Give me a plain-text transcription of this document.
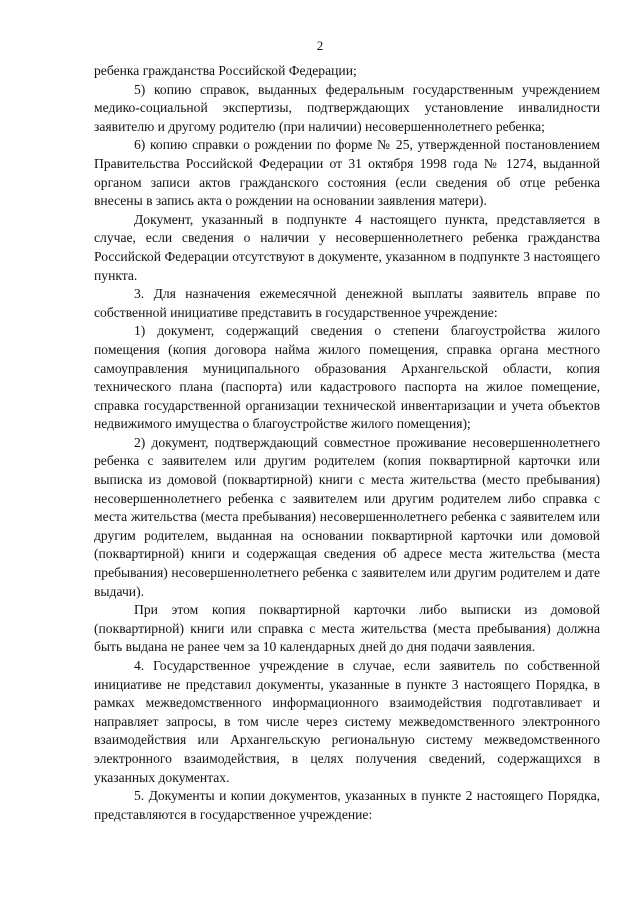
2

ребенка гражданства Российской Федерации;

5) копию справок, выданных федеральным государственным учреждением медико-социальной экспертизы, подтверждающих установление инвалидности заявителю и другому родителю (при наличии) несовершеннолетнего ребенка;

6) копию справки о рождении по форме № 25, утвержденной постановлением Правительства Российской Федерации от 31 октября 1998 года № 1274, выданной органом записи актов гражданского состояния (если сведения об отце ребенка внесены в запись акта о рождении на основании заявления матери).

Документ, указанный в подпункте 4 настоящего пункта, представляется в случае, если сведения о наличии у несовершеннолетнего ребенка гражданства Российской Федерации отсутствуют в документе, указанном в подпункте 3 настоящего пункта.

3. Для назначения ежемесячной денежной выплаты заявитель вправе по собственной инициативе представить в государственное учреждение:

1) документ, содержащий сведения о степени благоустройства жилого помещения (копия договора найма жилого помещения, справка органа местного самоуправления муниципального образования Архангельской области, копия технического плана (паспорта) или кадастрового паспорта на жилое помещение, справка государственной организации технической инвентаризации и учета объектов недвижимого имущества о благоустройстве жилого помещения);

2) документ, подтверждающий совместное проживание несовершеннолетнего ребенка с заявителем или другим родителем (копия поквартирной карточки или выписка из домовой (поквартирной) книги с места жительства (место пребывания) несовершеннолетнего ребенка с заявителем или другим родителем либо справка с места жительства (места пребывания) несовершеннолетнего ребенка с заявителем или другим родителем, выданная на основании поквартирной карточки или домовой (поквартирной) книги и содержащая сведения об адресе места жительства (места пребывания) несовершеннолетнего ребенка с заявителем или другим родителем и дате выдачи).

При этом копия поквартирной карточки либо выписки из домовой (поквартирной) книги или справка с места жительства (места пребывания) должна быть выдана не ранее чем за 10 календарных дней до дня подачи заявления.

4. Государственное учреждение в случае, если заявитель по собственной инициативе не представил документы, указанные в пункте 3 настоящего Порядка, в рамках межведомственного информационного взаимодействия подготавливает и направляет запросы, в том числе через систему межведомственного электронного взаимодействия или Архангельскую региональную систему межведомственного электронного взаимодействия, в целях получения сведений, содержащихся в указанных документах.

5. Документы и копии документов, указанных в пункте 2 настоящего Порядка, представляются в государственное учреждение:
